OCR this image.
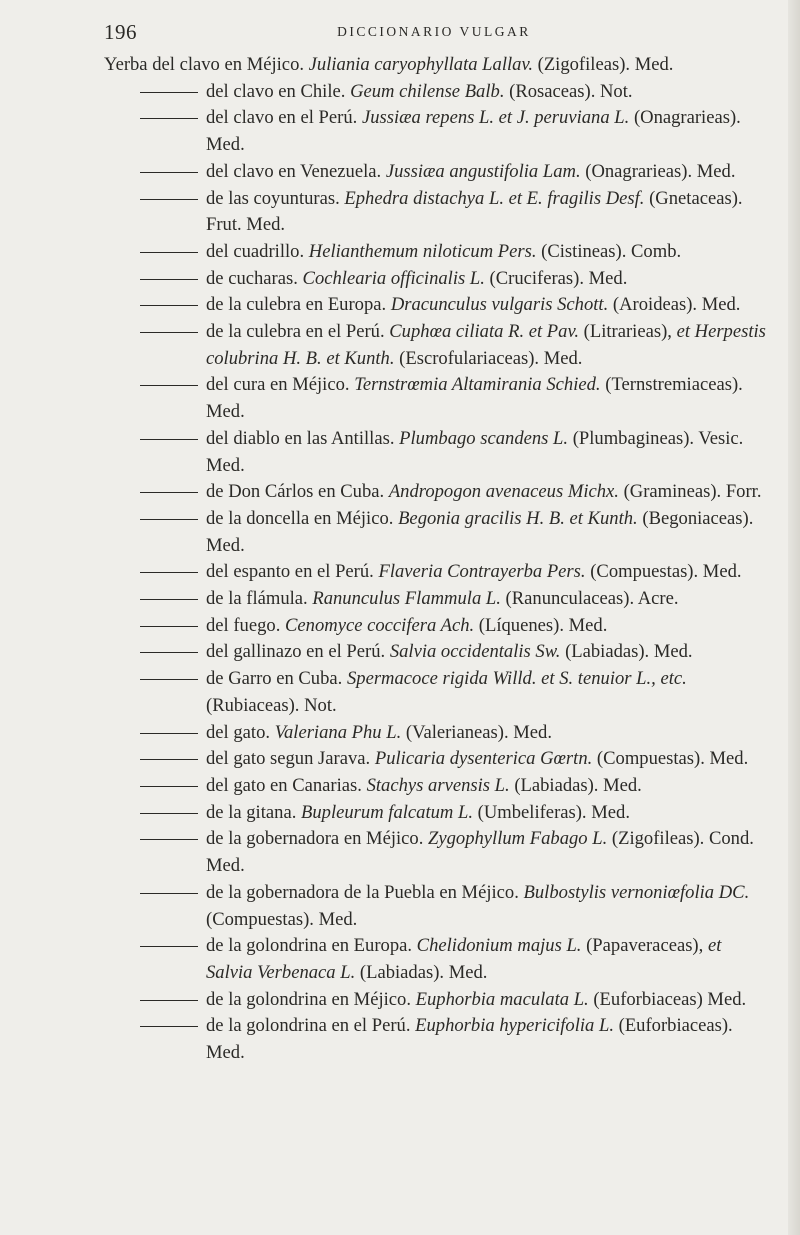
196	DICCIONARIO VULGAR
Yerba del clavo en Méjico. Juliania caryophyllata Lallav. (Zigofileas). Med.
del clavo en Chile. Geum chilense Balb. (Rosaceas). Not.
del clavo en el Perú. Jussiæa repens L. et J. peruviana L. (Onagrarieas). Med.
del clavo en Venezuela. Jussiæa angustifolia Lam. (Onagrarieas). Med.
de las coyunturas. Ephedra distachya L. et E. fragilis Desf. (Gnetaceas). Frut. Med.
del cuadrillo. Helianthemum niloticum Pers. (Cistineas). Comb.
de cucharas. Cochlearia officinalis L. (Cruciferas). Med.
de la culebra en Europa. Dracunculus vulgaris Schott. (Aroideas). Med.
de la culebra en el Perú. Cuphœa ciliata R. et Pav. (Litrarieas), et Herpestis colubrina H. B. et Kunth. (Escrofulariaceas). Med.
del cura en Méjico. Ternstrœmia Altamirania Schied. (Ternstremiaceas). Med.
del diablo en las Antillas. Plumbago scandens L. (Plumbagineas). Vesic. Med.
de Don Cárlos en Cuba. Andropogon avenaceus Michx. (Gramineas). Forr.
de la doncella en Méjico. Begonia gracilis H. B. et Kunth. (Begoniaceas). Med.
del espanto en el Perú. Flaveria Contrayerba Pers. (Compuestas). Med.
de la flámula. Ranunculus Flammula L. (Ranunculaceas). Acre.
del fuego. Cenomyce coccifera Ach. (Líquenes). Med.
del gallinazo en el Perú. Salvia occidentalis Sw. (Labiadas). Med.
de Garro en Cuba. Spermacoce rigida Willd. et S. tenuior L., etc. (Rubiaceas). Not.
del gato. Valeriana Phu L. (Valerianeas). Med.
del gato segun Jarava. Pulicaria dysenterica Gœrtn. (Compuestas). Med.
del gato en Canarias. Stachys arvensis L. (Labiadas). Med.
de la gitana. Bupleurum falcatum L. (Umbeliferas). Med.
de la gobernadora en Méjico. Zygophyllum Fabago L. (Zigofileas). Cond. Med.
de la gobernadora de la Puebla en Méjico. Bulbostylis vernoniœfolia DC. (Compuestas). Med.
de la golondrina en Europa. Chelidonium majus L. (Papaveraceas), et Salvia Verbenaca L. (Labiadas). Med.
de la golondrina en Méjico. Euphorbia maculata L. (Euforbiaceas) Med.
de la golondrina en el Perú. Euphorbia hypericifolia L. (Euforbiaceas). Med.
